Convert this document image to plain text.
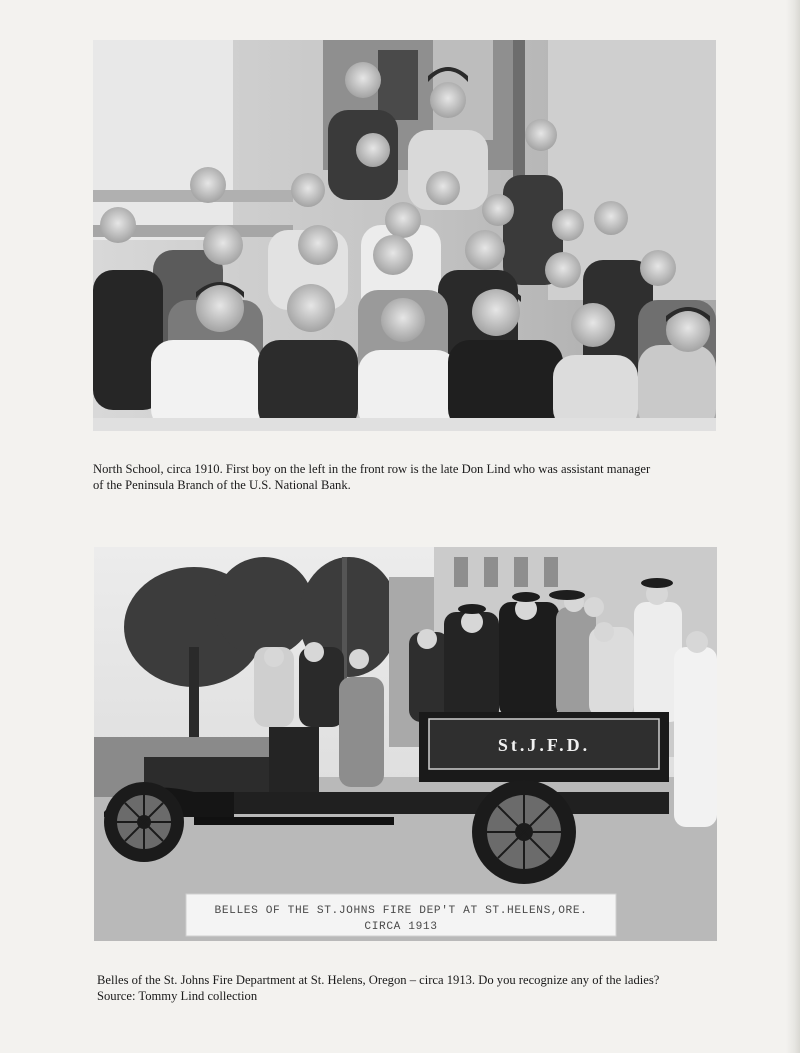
North School, circa 1910. First boy on the left in the front row is the late Don Lind who was assistant manager
of the Peninsula Branch of the U.S. National Bank.
St.J.F.D.
BELLES OF THE ST.JOHNS FIRE DEP'T AT ST.HELENS,ORE.
CIRCA 1913
Belles of the St. Johns Fire Department at St. Helens, Oregon – circa 1913. Do you recognize any of the ladies?
Source: Tommy Lind collection
